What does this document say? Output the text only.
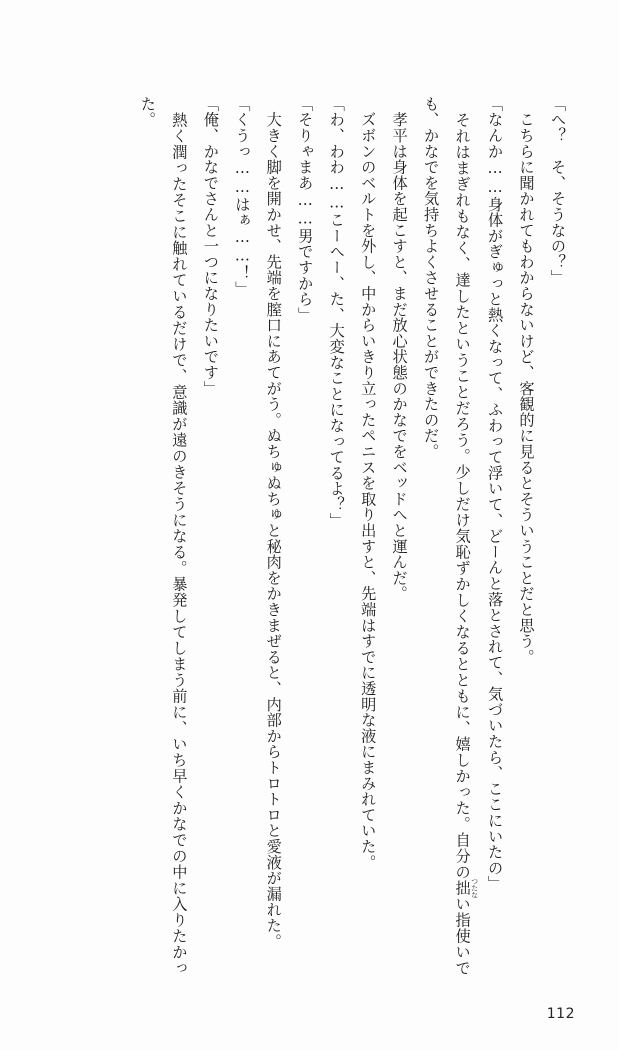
「へ？　そ、そうなの？」
　こちらに聞かれてもわからないけど、客観的に見るとそういうことだと思う。
「なんか……身体がぎゅっと熱くなって、ふわって浮いて、どーんと落とされて、気づいたら、ここにいたの」
　それはまぎれもなく、達したということだろう。少しだけ気恥ずかしくなるとともに、嬉しかった。自分の拙 つたない指使いでも、かなでを気持ちよくさせることができたのだ。
　孝平は身体を起こすと、まだ放心状態のかなでをベッドへと運んだ。
　ズボンのベルトを外し、中からいきり立ったペニスを取り出すと、先端はすでに透明な液にまみれていた。
「わ、わわ……こーへー、た、大変なことになってるよ？」
「そりゃまあ……男ですから」
　大きく脚を開かせ、先端を膣口にあてがう。ぬちゅぬちゅと秘肉をかきまぜると、内部からトロトロと愛液が漏れた。
「くうっ……はぁ……！」
「俺、かなでさんと一つになりたいです」
　熱く潤ったそこに触れているだけで、意識が遠のきそうになる。暴発してしまう前に、いち早くかなでの中に入りたかった。
112
